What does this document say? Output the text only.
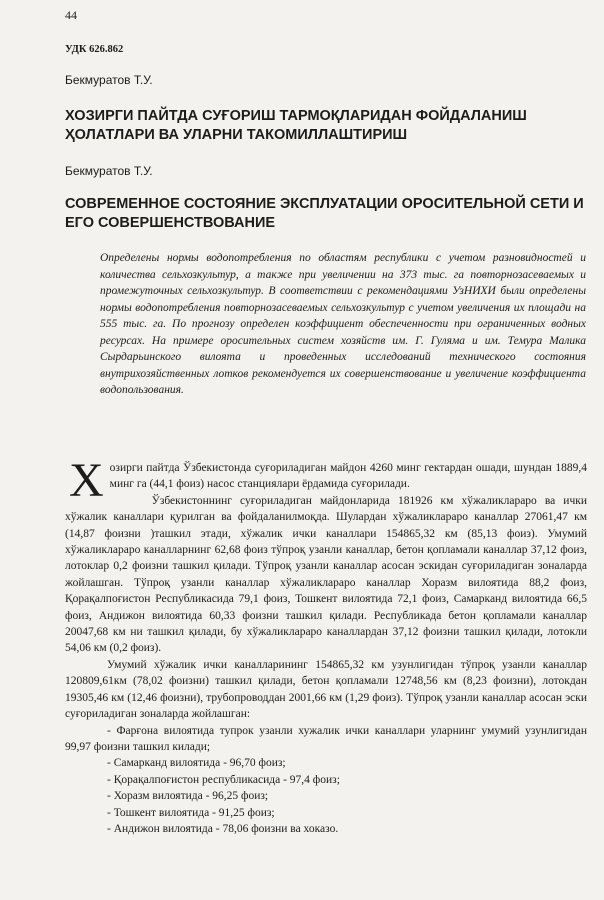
44
УДК 626.862
Бекмуратов Т.У.
ХОЗИРГИ ПАЙТДА СУҒОРИШ ТАРМОҚЛАРИДАН ФОЙДАЛАНИШ ҲОЛАТЛАРИ ВА УЛАРНИ ТАКОМИЛЛАШТИРИШ
Бекмуратов Т.У.
СОВРЕМЕННОЕ СОСТОЯНИЕ ЭКСПЛУАТАЦИИ ОРОСИТЕЛЬНОЙ СЕТИ И ЕГО СОВЕРШЕНСТВОВАНИЕ

Определены нормы водопотребления по областям республики с учетом разновидностей и количества сельхозкультур, а также при увеличении на 373 тыс. га повторнозасеваемых и промежуточных сельхозкультур. В соответствии с рекомендациями УзНИХИ были определены нормы водопотребления повторнозасеваемых сельхозкультур с учетом увеличения их площади на 555 тыс. га. По прогнозу определен коэффициент обеспеченности при ограниченных водных ресурсах. На примере оросительных систем хозяйств им. Г. Гуляма и им. Темура Малика Сырдарьинского вилоята и проведенных исследований технического состояния внутрихозяйственных лотков рекомендуется их совершенствование и увеличение коэффициента водопользования.

Хозирги пайтда Ўзбекистонда суғориладиган майдон 4260 минг гектардан ошади, шундан 1889,4 минг га (44,1 фоиз) насос станциялари ёрдамида суғорилади.

Ўзбекистоннинг суғориладиган майдонларида 181926 км хўжаликлараро ва ички хўжалик каналлари қурилган ва фойдаланилмоқда. Шулардан хўжаликлараро каналлар 27061,47 км (14,87 фоизни )ташкил этади, хўжалик ички каналлари 154865,32 км (85,13 фоиз). Умумий хўжаликлараро каналларнинг 62,68 фоиз тўпроқ узанли каналлар, бетон қопламали каналлар 37,12 фоиз, лотоклар 0,2 фоизни ташкил қилади. Тўпроқ узанли каналлар асосан эскидан суғориладиган зоналарда жойлашган. Тўпроқ узанли каналлар хўжаликлараро каналлар Хоразм вилоятида 88,2 фоиз, Қорақалпоғистон Республикасида 79,1 фоиз, Тошкент вилоятида 72,1 фоиз, Самарканд вилоятида 66,5 фоиз, Андижон вилоятида 60,33 фоизни ташкил қилади. Республикада бетон қопламали каналлар 20047,68 км ни ташкил қилади, бу хўжаликлараро каналлардан 37,12 фоизни ташкил қилади, лотокли 54,06 км (0,2 фоиз).

Умумий хўжалик ички каналларининг 154865,32 км узунлигидан тўпроқ узанли каналлар 120809,61км (78,02 фоизни) ташкил қилади, бетон қопламали 12748,56 км (8,23 фоизни), лотокдан 19305,46 км (12,46 фоизни), трубопроводдан 2001,66 км (1,29 фоиз). Тўпроқ узанли каналлар асосан эски суғориладиган зоналарда жойлашган:

- Фарғона вилоятида тупрок узанли хужалик ички каналлари уларнинг умумий узунлигидан 99,97 фоизни ташкил килади;
- Самарканд вилоятида - 96,70 фоиз;
- Қорақалпоғистон республикасида - 97,4 фоиз;
- Хоразм вилоятида - 96,25 фоиз;
- Тошкент вилоятида - 91,25 фоиз;
- Андижон вилоятида - 78,06 фоизни ва хоказо.
